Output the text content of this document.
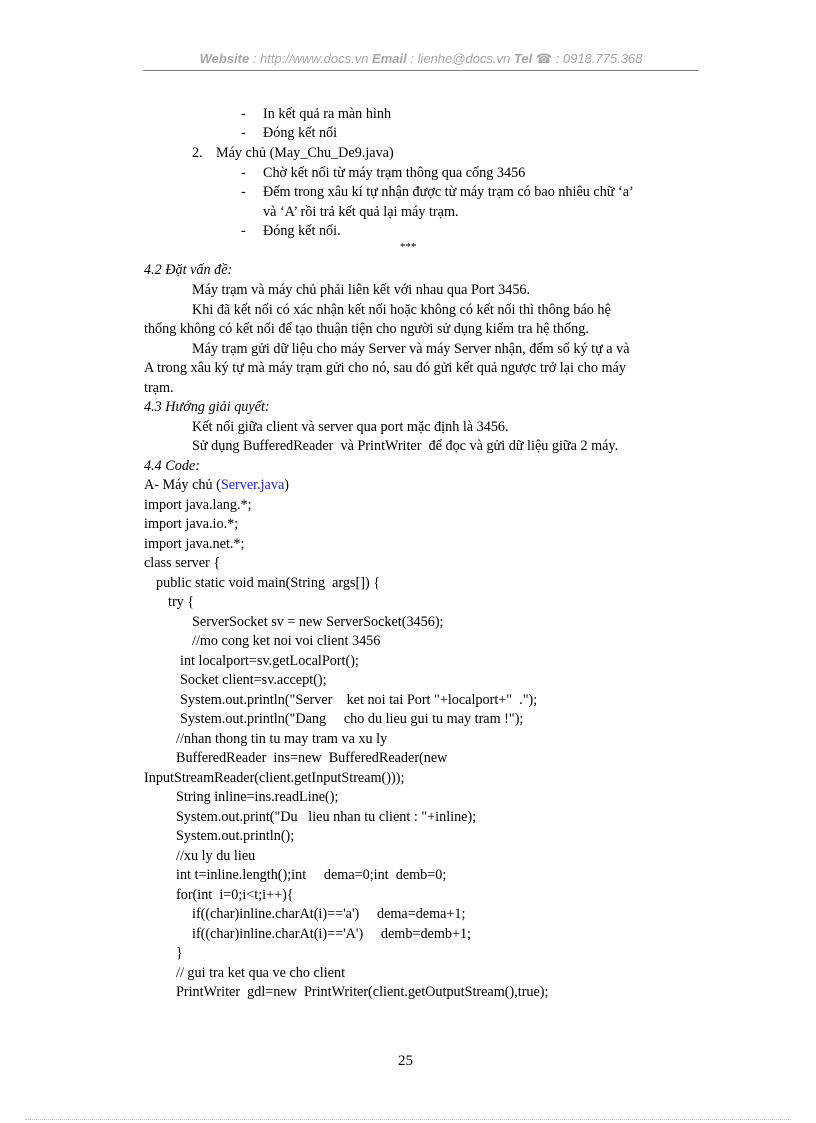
Website : http://www.docs.vn Email : lienhe@docs.vn Tel ☎ : 0918.775.368
- In kết quả ra màn hình
- Đóng kết nối
2. Máy chủ (May_Chu_De9.java)
- Chờ kết nối từ máy trạm thông qua cổng 3456
- Đếm trong xâu kí tự nhận được từ máy trạm có bao nhiêu chữ ‘a’
và ‘A’ rồi trả kết quả lại máy trạm.
- Đóng kết nối.
***
4.2 Đặt vấn đề:
Máy trạm và máy chủ phải liên kết với nhau qua Port 3456.
Khi đã kết nối có xác nhận kết nối hoặc không có kết nối thì thông báo hệ
thống không có kết nối để tạo thuận tiện cho người sử dụng kiểm tra hệ thống.
Máy trạm gửi dữ liệu cho máy Server và máy Server nhận, đếm số ký tự a và
A trong xâu ký tự mà máy trạm gửi cho nó, sau đó gửi kết quả ngược trở lại cho máy
trạm.
4.3 Hướng giải quyết:
Kết nối giữa client và server qua port mặc định là 3456.
Sử dụng BufferedReader  và PrintWriter  để đọc và gửi dữ liệu giữa 2 máy.
4.4 Code:
A- Máy chủ (Server.java)
import java.lang.*;
import java.io.*;
import java.net.*;
class server {
public static void main(String  args[]) {
try {
ServerSocket sv = new ServerSocket(3456);
//mo cong ket noi voi client 3456
int localport=sv.getLocalPort();
Socket client=sv.accept();
System.out.println("Server    ket noi tai Port "+localport+"  .");
System.out.println("Dang     cho du lieu gui tu may tram !");
//nhan thong tin tu may tram va xu ly
BufferedReader  ins=new  BufferedReader(new
InputStreamReader(client.getInputStream()));
String inline=ins.readLine();
System.out.print("Du   lieu nhan tu client : "+inline);
System.out.println();
//xu ly du lieu
int t=inline.length();int     dema=0;int  demb=0;
for(int  i=0;i<t;i++){
if((char)inline.charAt(i)=='a')     dema=dema+1;
if((char)inline.charAt(i)=='A')     demb=demb+1;
}
// gui tra ket qua ve cho client
PrintWriter  gdl=new  PrintWriter(client.getOutputStream(),true);
25
